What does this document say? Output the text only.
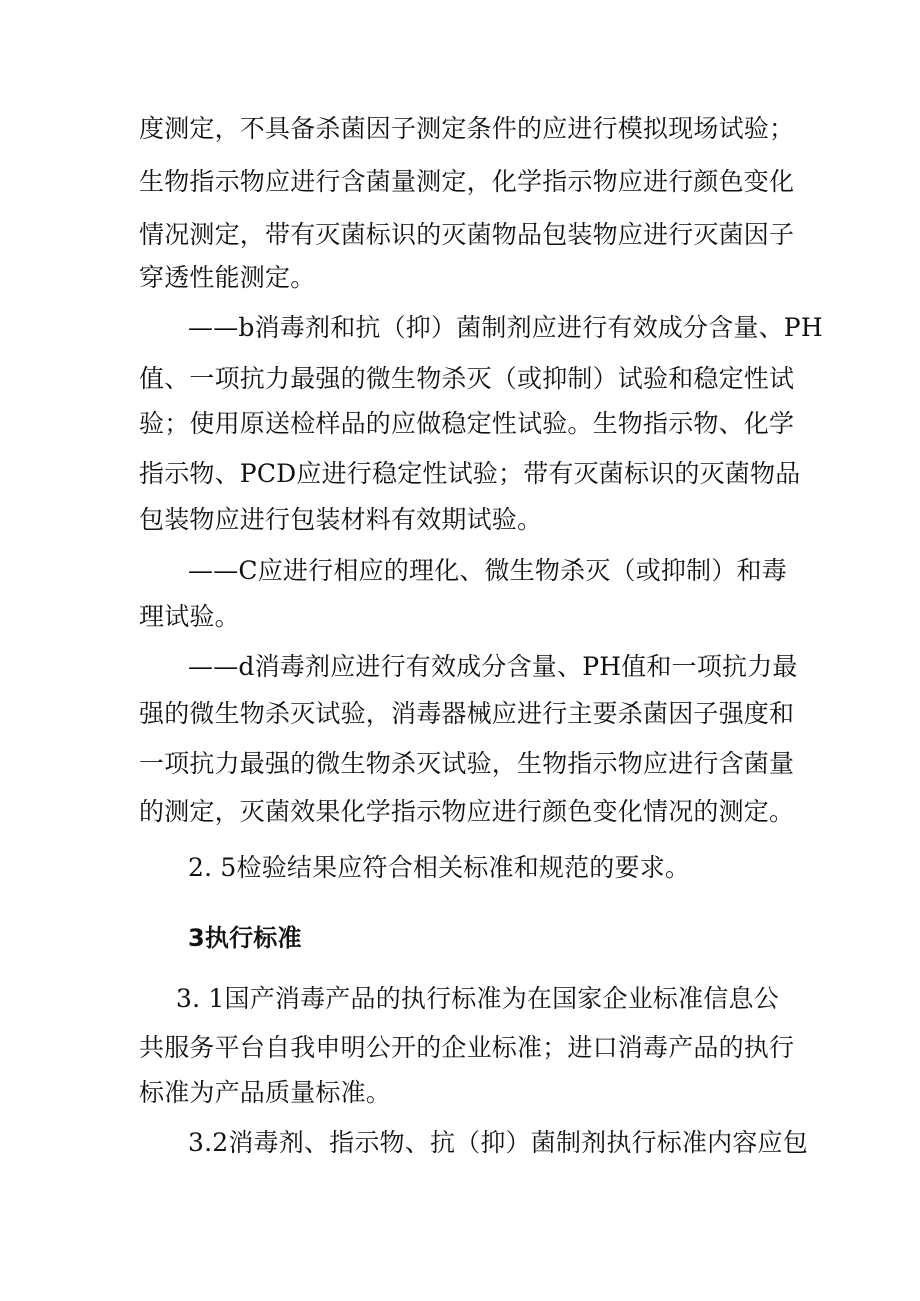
度测定，不具备杀菌因子测定条件的应进行模拟现场试验；
生物指示物应进行含菌量测定，化学指示物应进行颜色变化
情况测定，带有灭菌标识的灭菌物品包装物应进行灭菌因子
穿透性能测定。
——b消毒剂和抗（抑）菌制剂应进行有效成分含量、PH
值、一项抗力最强的微生物杀灭（或抑制）试验和稳定性试
验；使用原送检样品的应做稳定性试验。生物指示物、化学
指示物、PCD应进行稳定性试验；带有灭菌标识的灭菌物品
包装物应进行包装材料有效期试验。
——C应进行相应的理化、微生物杀灭（或抑制）和毒
理试验。
——d消毒剂应进行有效成分含量、PH值和一项抗力最
强的微生物杀灭试验，消毒器械应进行主要杀菌因子强度和
一项抗力最强的微生物杀灭试验，生物指示物应进行含菌量
的测定，灭菌效果化学指示物应进行颜色变化情况的测定。
2. 5检验结果应符合相关标准和规范的要求。
3执行标准
3. 1国产消毒产品的执行标准为在国家企业标准信息公
共服务平台自我申明公开的企业标准；进口消毒产品的执行
标准为产品质量标准。
3.2消毒剂、指示物、抗（抑）菌制剂执行标准内容应包
